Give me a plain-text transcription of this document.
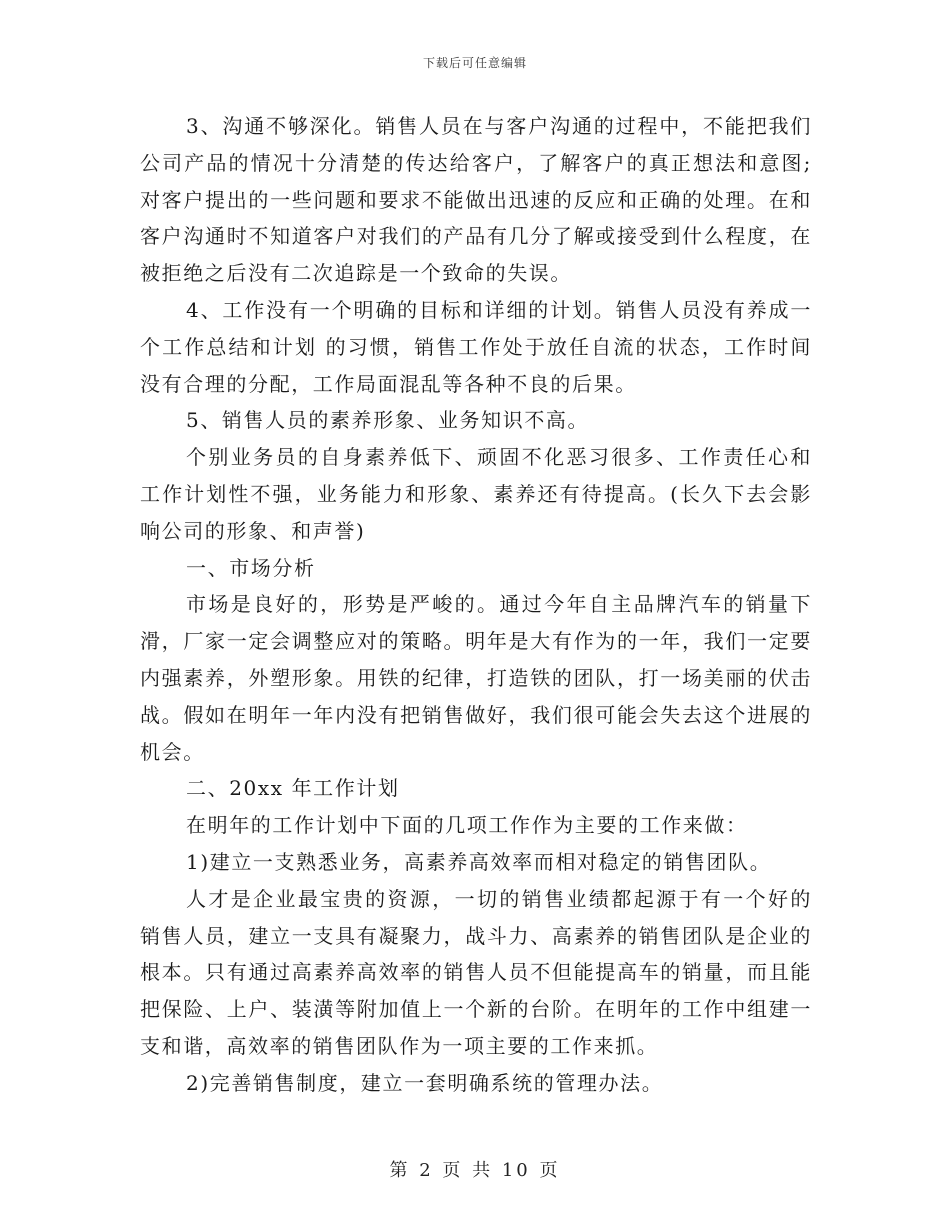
下载后可任意编辑

3、沟通不够深化。销售人员在与客户沟通的过程中，不能把我们公司产品的情况十分清楚的传达给客户，了解客户的真正想法和意图;对客户提出的一些问题和要求不能做出迅速的反应和正确的处理。在和客户沟通时不知道客户对我们的产品有几分了解或接受到什么程度，在被拒绝之后没有二次追踪是一个致命的失误。

4、工作没有一个明确的目标和详细的计划。销售人员没有养成一个工作总结和计划 的习惯，销售工作处于放任自流的状态，工作时间没有合理的分配，工作局面混乱等各种不良的后果。

5、销售人员的素养形象、业务知识不高。

个别业务员的自身素养低下、顽固不化恶习很多、工作责任心和工作计划性不强，业务能力和形象、素养还有待提高。(长久下去会影响公司的形象、和声誉)

一、市场分析

市场是良好的，形势是严峻的。通过今年自主品牌汽车的销量下滑，厂家一定会调整应对的策略。明年是大有作为的一年，我们一定要内强素养，外塑形象。用铁的纪律，打造铁的团队，打一场美丽的伏击战。假如在明年一年内没有把销售做好，我们很可能会失去这个进展的机会。

二、20xx 年工作计划

在明年的工作计划中下面的几项工作作为主要的工作来做：

1)建立一支熟悉业务，高素养高效率而相对稳定的销售团队。

人才是企业最宝贵的资源，一切的销售业绩都起源于有一个好的销售人员，建立一支具有凝聚力，战斗力、高素养的销售团队是企业的根本。只有通过高素养高效率的销售人员不但能提高车的销量，而且能把保险、上户、装潢等附加值上一个新的台阶。在明年的工作中组建一支和谐，高效率的销售团队作为一项主要的工作来抓。

2)完善销售制度，建立一套明确系统的管理办法。

第 2 页 共 10 页
